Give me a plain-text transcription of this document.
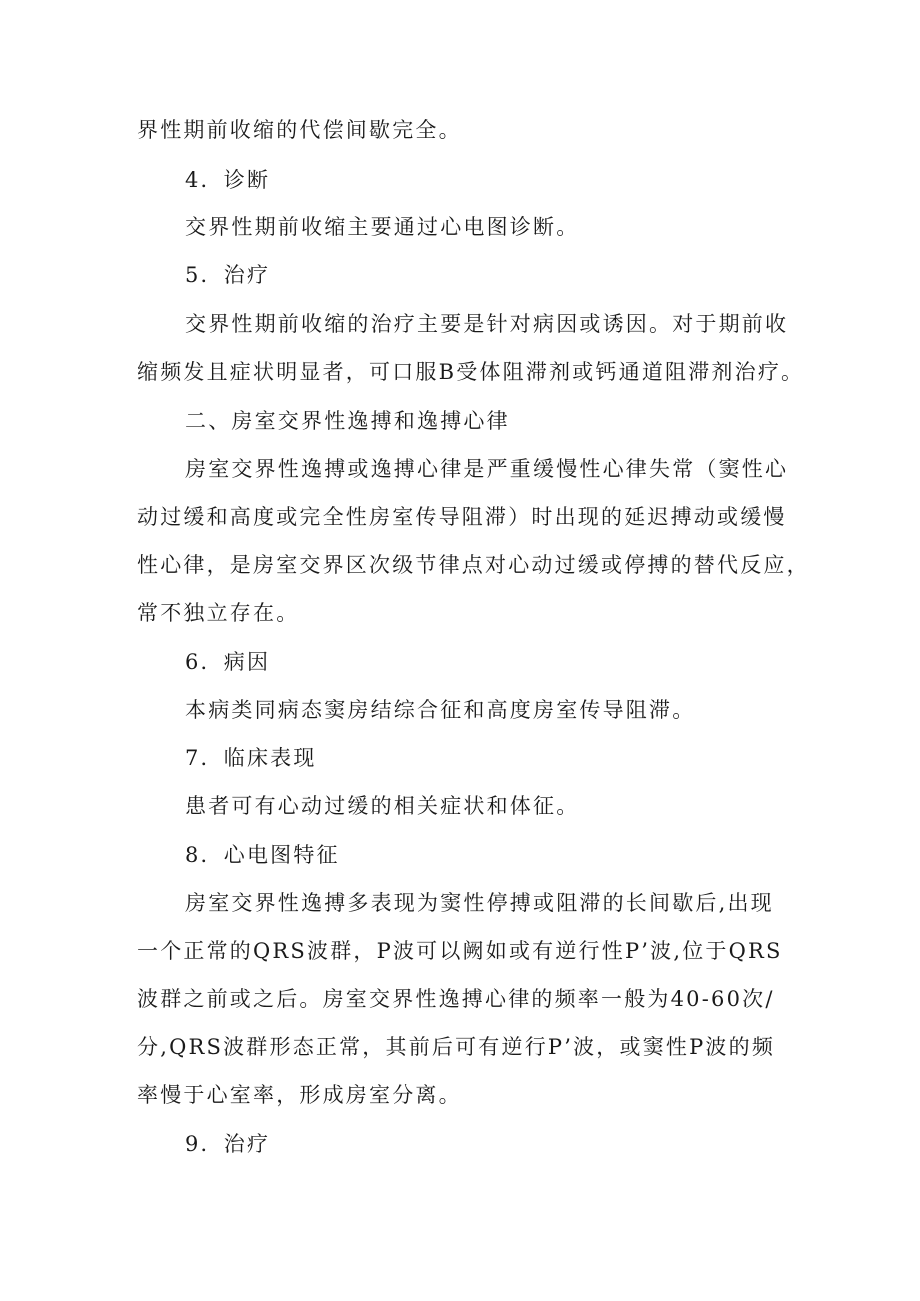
界性期前收缩的代偿间歇完全。
4．诊断
交界性期前收缩主要通过心电图诊断。
5．治疗
交界性期前收缩的治疗主要是针对病因或诱因。对于期前收
缩频发且症状明显者，可口服B受体阻滞剂或钙通道阻滞剂治疗。
二、房室交界性逸搏和逸搏心律
房室交界性逸搏或逸搏心律是严重缓慢性心律失常（窦性心
动过缓和高度或完全性房室传导阻滞）时出现的延迟搏动或缓慢
性心律，是房室交界区次级节律点对心动过缓或停搏的替代反应，
常不独立存在。
6．病因
本病类同病态窦房结综合征和高度房室传导阻滞。
7．临床表现
患者可有心动过缓的相关症状和体征。
8．心电图特征
房室交界性逸搏多表现为窦性停搏或阻滞的长间歇后,出现
一个正常的QRS波群，P波可以阙如或有逆行性P’波,位于QRS
波群之前或之后。房室交界性逸搏心律的频率一般为40-60次/
分,QRS波群形态正常，其前后可有逆行P’波，或窦性P波的频
率慢于心室率，形成房室分离。
9．治疗
